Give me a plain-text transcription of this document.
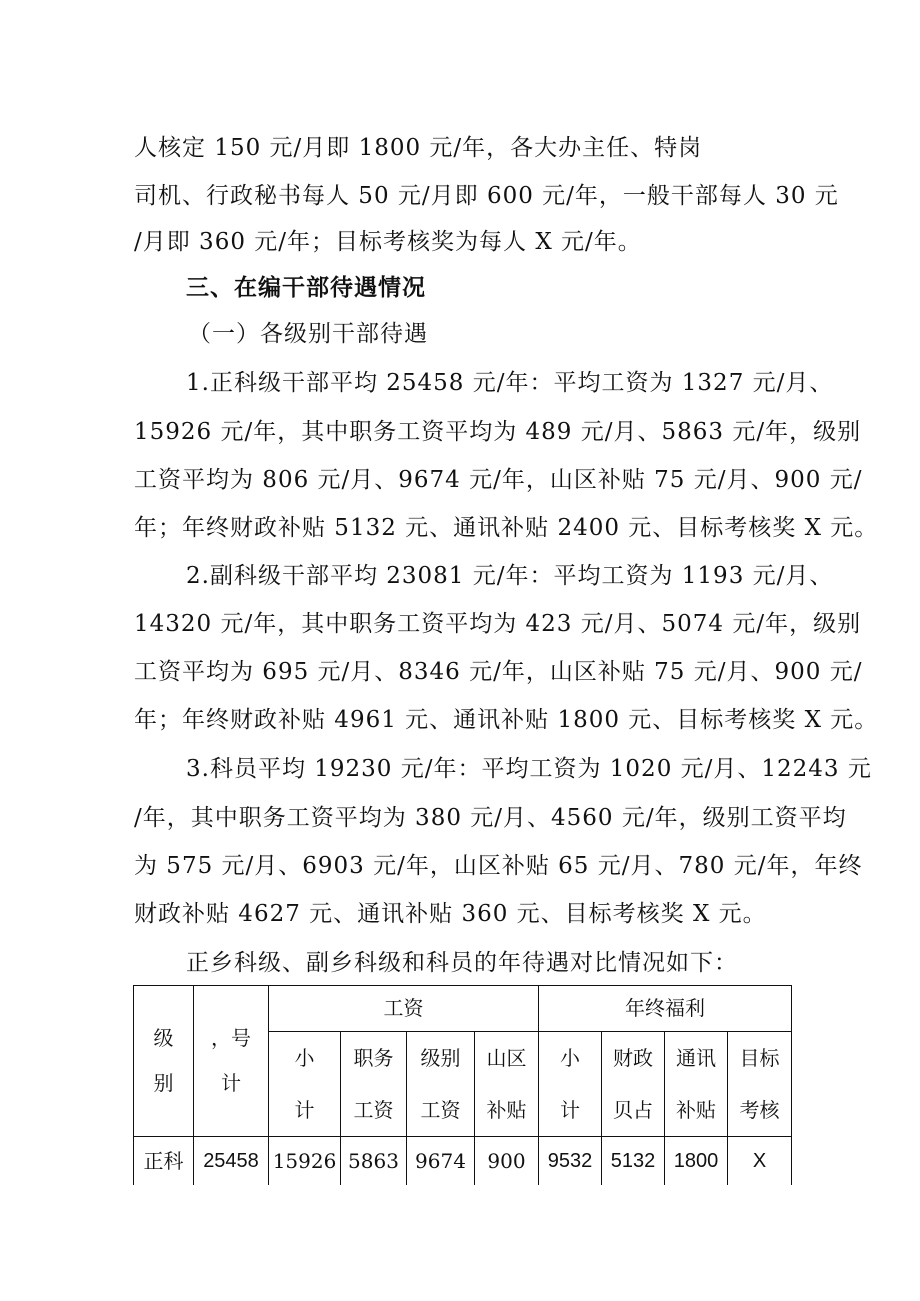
人核定 150 元/月即 1800 元/年，各大办主任、特岗

司机、行政秘书每人 50 元/月即 600 元/年，一般干部每人 30 元

/月即 360 元/年；目标考核奖为每人 X 元/年。

三、在编干部待遇情况

（一）各级别干部待遇

1.正科级干部平均 25458 元/年：平均工资为 1327 元/月、

15926 元/年，其中职务工资平均为 489 元/月、5863 元/年，级别

工资平均为 806 元/月、9674 元/年，山区补贴 75 元/月、900 元/

年；年终财政补贴 5132 元、通讯补贴 2400 元、目标考核奖 X 元。

2.副科级干部平均 23081 元/年：平均工资为 1193 元/月、

14320 元/年，其中职务工资平均为 423 元/月、5074 元/年，级别

工资平均为 695 元/月、8346 元/年，山区补贴 75 元/月、900 元/

年；年终财政补贴 4961 元、通讯补贴 1800 元、目标考核奖 X 元。

3.科员平均 19230 元/年：平均工资为 1020 元/月、12243 元

/年，其中职务工资平均为 380 元/月、4560 元/年，级别工资平均

为 575 元/月、6903 元/年，山区补贴 65 元/月、780 元/年，年终

财政补贴 4627 元、通讯补贴 360 元、目标考核奖 X 元。

正乡科级、副乡科级和科员的年待遇对比情况如下：

级别	，号计	工资				年终福利			
		小计	职务工资	级别工资	山区补贴	小计	财政贝占	通讯补贴	目标考核
正科	25458	15926	5863	9674	900	9532	5132	1800	X
